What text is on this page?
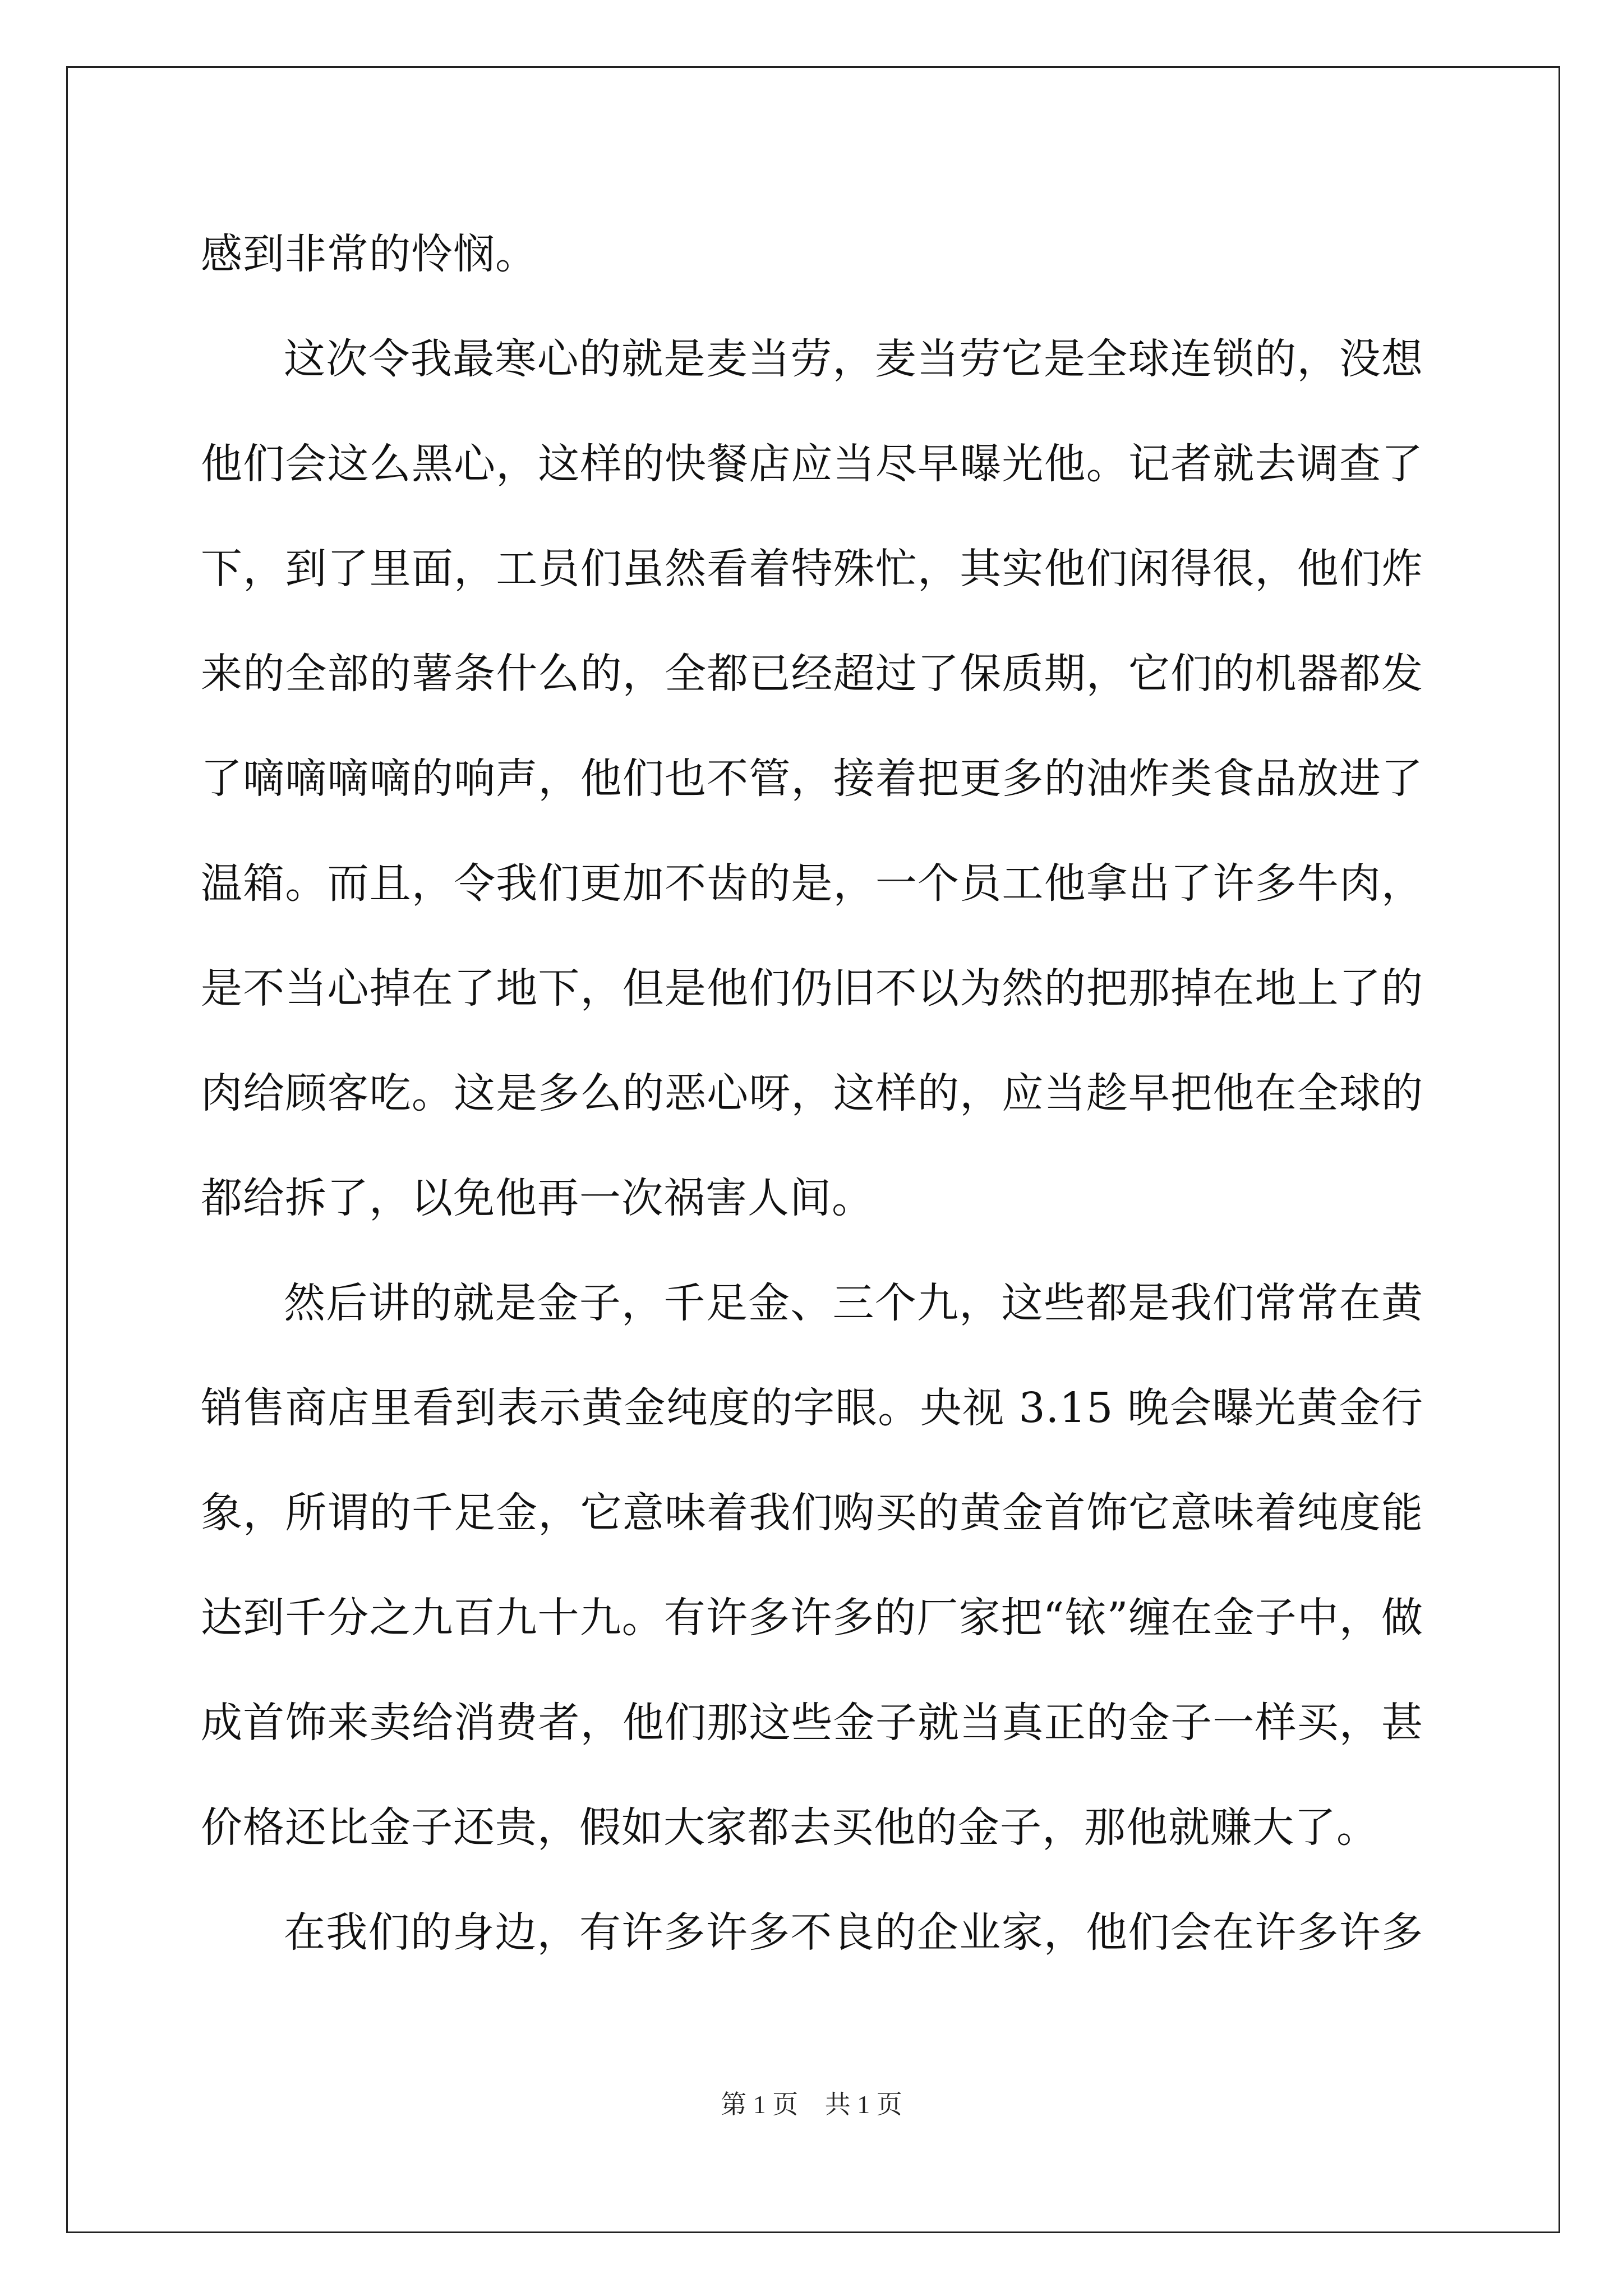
感到非常的怜悯。
这次令我最寒心的就是麦当劳，麦当劳它是全球连锁的，没想
他们会这么黑心，这样的快餐店应当尽早曝光他。记者就去调查了
下，到了里面，工员们虽然看着特殊忙，其实他们闲得很，他们炸
来的全部的薯条什么的，全都已经超过了保质期，它们的机器都发
了嘀嘀嘀嘀的响声，他们也不管，接着把更多的油炸类食品放进了
温箱。而且，令我们更加不齿的是，一个员工他拿出了许多牛肉，
是不当心掉在了地下，但是他们仍旧不以为然的把那掉在地上了的
肉给顾客吃。这是多么的恶心呀，这样的，应当趁早把他在全球的
都给拆了，以免他再一次祸害人间。
然后讲的就是金子，千足金、三个九，这些都是我们常常在黄
销售商店里看到表示黄金纯度的字眼。央视 3.15 晚会曝光黄金行
象，所谓的千足金，它意味着我们购买的黄金首饰它意味着纯度能
达到千分之九百九十九。有许多许多的厂家把“铱”缠在金子中，做
成首饰来卖给消费者，他们那这些金子就当真正的金子一样买，甚
价格还比金子还贵，假如大家都去买他的金子，那他就赚大了。
在我们的身边，有许多许多不良的企业家，他们会在许多许多
第 1 页 共 1 页
